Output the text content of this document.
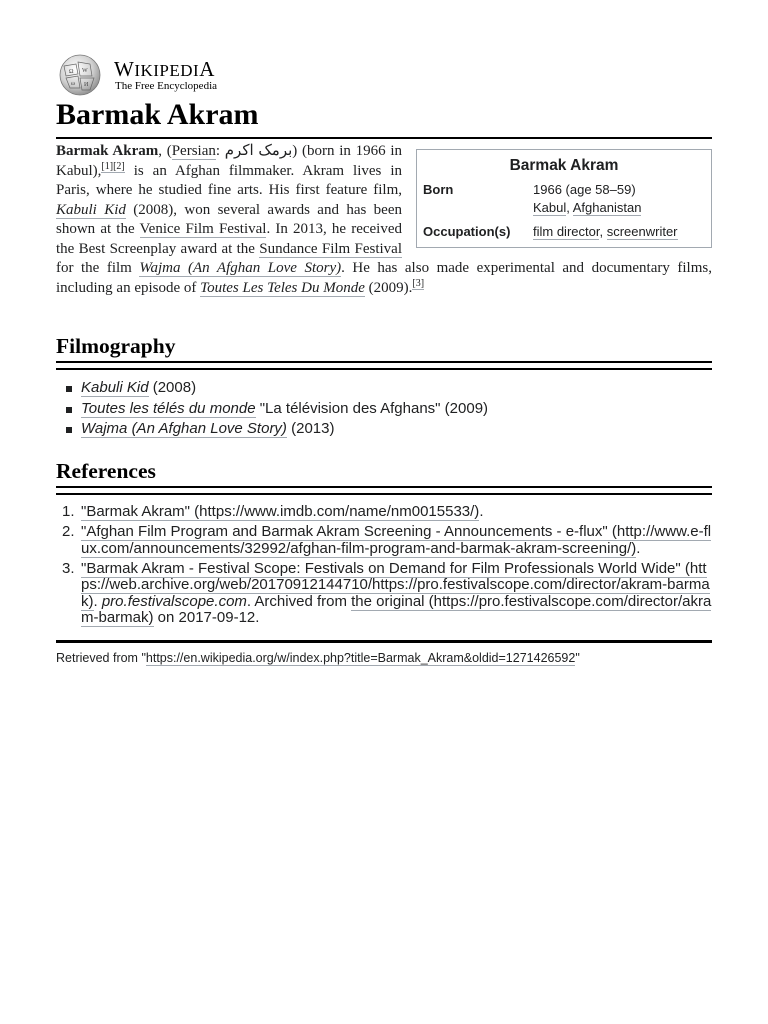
Ω W
ω И
WIKIPEDIA
The Free Encyclopedia
Barmak Akram
Barmak Akram
Born	1966 (age 58–59)
Kabul, Afghanistan
Occupation(s)	film director, screenwriter
Barmak Akram, (Persian: برمک اکرم) (born in 1966 in Kabul),[1][2] is an Afghan filmmaker. Akram lives in Paris, where he studied fine arts. His first feature film, Kabuli Kid (2008), won several awards and has been shown at the Venice Film Festival. In 2013, he received the Best Screenplay award at the Sundance Film Festival for the film Wajma (An Afghan Love Story). He has also made experimental and documentary films, including an episode of Toutes Les Teles Du Monde (2009).[3]
Filmography
Kabuli Kid (2008)
Toutes les télés du monde "La télévision des Afghans" (2009)
Wajma (An Afghan Love Story) (2013)
References
1. "Barmak Akram" (https://www.imdb.com/name/nm0015533/).
2. "Afghan Film Program and Barmak Akram Screening - Announcements - e-flux" (http://www.e-flux.com/announcements/32992/afghan-film-program-and-barmak-akram-screening/).
3. "Barmak Akram - Festival Scope: Festivals on Demand for Film Professionals World Wide" (https://web.archive.org/web/20170912144710/https://pro.festivalscope.com/director/akram-barmak). pro.festivalscope.com. Archived from the original (https://pro.festivalscope.com/director/akram-barmak) on 2017-09-12.
Retrieved from "https://en.wikipedia.org/w/index.php?title=Barmak_Akram&oldid=1271426592"
